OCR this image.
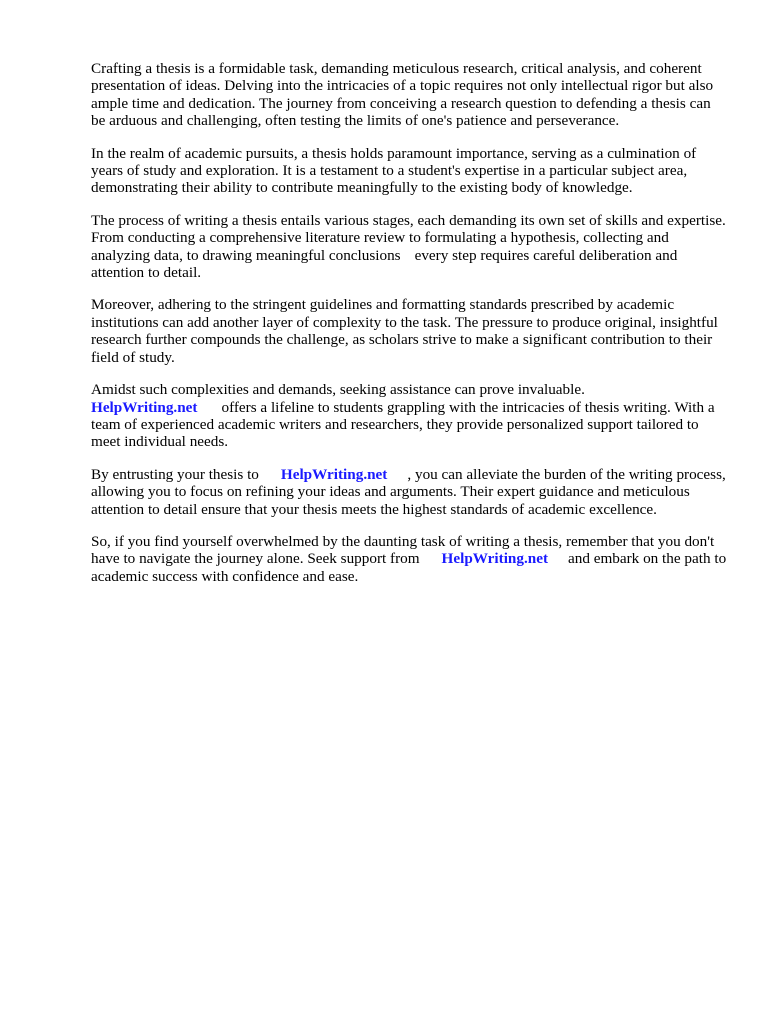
Crafting a thesis is a formidable task, demanding meticulous research, critical analysis, and coherent presentation of ideas. Delving into the intricacies of a topic requires not only intellectual rigor but also ample time and dedication. The journey from conceiving a research question to defending a thesis can be arduous and challenging, often testing the limits of one's patience and perseverance.

In the realm of academic pursuits, a thesis holds paramount importance, serving as a culmination of years of study and exploration. It is a testament to a student's expertise in a particular subject area, demonstrating their ability to contribute meaningfully to the existing body of knowledge.

The process of writing a thesis entails various stages, each demanding its own set of skills and expertise. From conducting a comprehensive literature review to formulating a hypothesis, collecting and analyzing data, to drawing meaningful conclusions every step requires careful deliberation and attention to detail.

Moreover, adhering to the stringent guidelines and formatting standards prescribed by academic institutions can add another layer of complexity to the task. The pressure to produce original, insightful research further compounds the challenge, as scholars strive to make a significant contribution to their field of study.

Amidst such complexities and demands, seeking assistance can prove invaluable.
HelpWriting.net offers a lifeline to students grappling with the intricacies of thesis writing. With a team of experienced academic writers and researchers, they provide personalized support tailored to meet individual needs.

By entrusting your thesis to HelpWriting.net , you can alleviate the burden of the writing process, allowing you to focus on refining your ideas and arguments. Their expert guidance and meticulous attention to detail ensure that your thesis meets the highest standards of academic excellence.

So, if you find yourself overwhelmed by the daunting task of writing a thesis, remember that you don't have to navigate the journey alone. Seek support from HelpWriting.net and embark on the path to academic success with confidence and ease.
